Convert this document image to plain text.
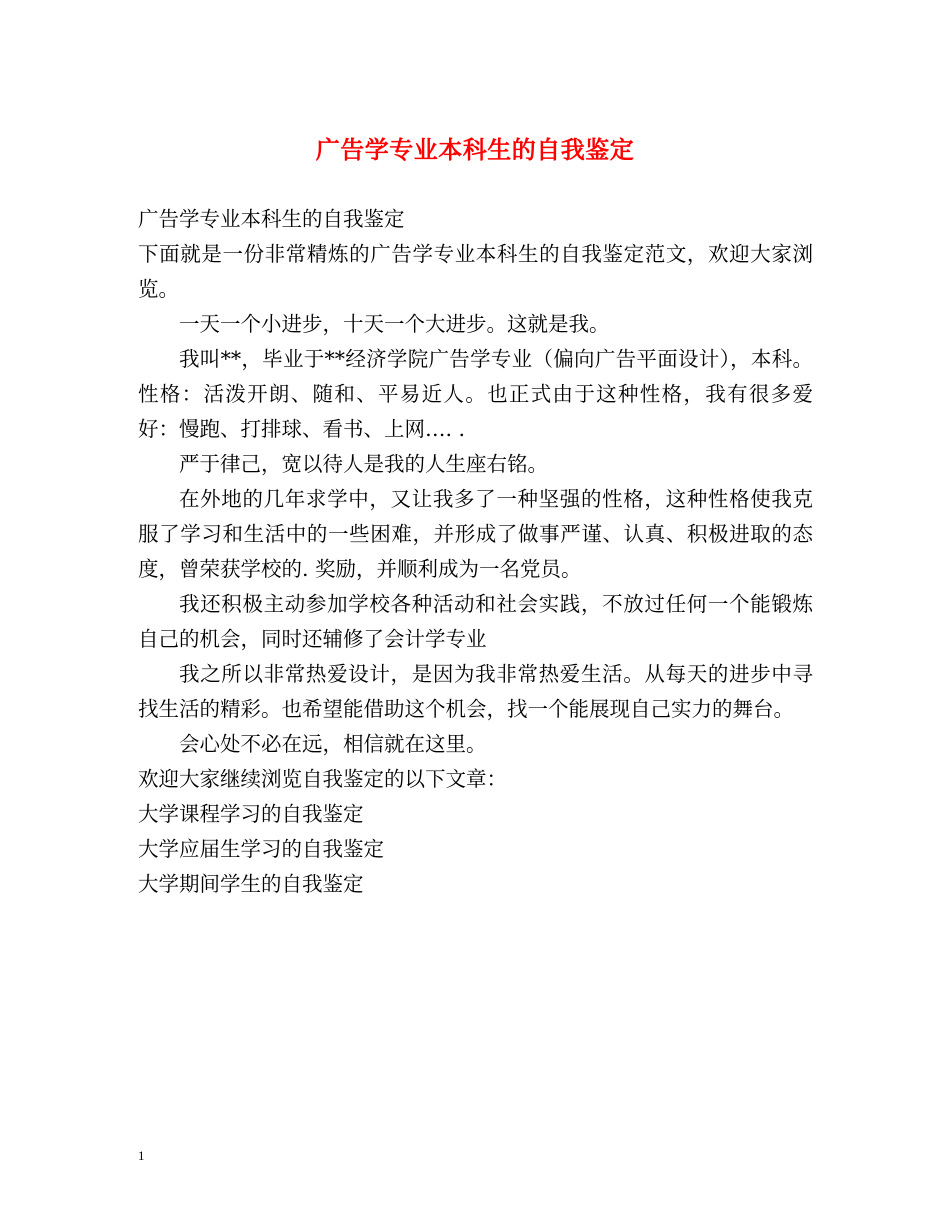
广告学专业本科生的自我鉴定

广告学专业本科生的自我鉴定

下面就是一份非常精炼的广告学专业本科生的自我鉴定范文，欢迎大家浏览。

一天一个小进步，十天一个大进步。这就是我。

我叫**，毕业于**经济学院广告学专业（偏向广告平面设计），本科。性格：活泼开朗、随和、平易近人。也正式由于这种性格，我有很多爱好：慢跑、打排球、看书、上网…. .

严于律己，宽以待人是我的人生座右铭。

在外地的几年求学中，又让我多了一种坚强的性格，这种性格使我克服了学习和生活中的一些困难，并形成了做事严谨、认真、积极进取的态度，曾荣获学校的. 奖励，并顺利成为一名党员。

我还积极主动参加学校各种活动和社会实践，不放过任何一个能锻炼自己的机会，同时还辅修了会计学专业

我之所以非常热爱设计，是因为我非常热爱生活。从每天的进步中寻找生活的精彩。也希望能借助这个机会，找一个能展现自己实力的舞台。

会心处不必在远，相信就在这里。

欢迎大家继续浏览自我鉴定的以下文章：

大学课程学习的自我鉴定

大学应届生学习的自我鉴定

大学期间学生的自我鉴定

1
